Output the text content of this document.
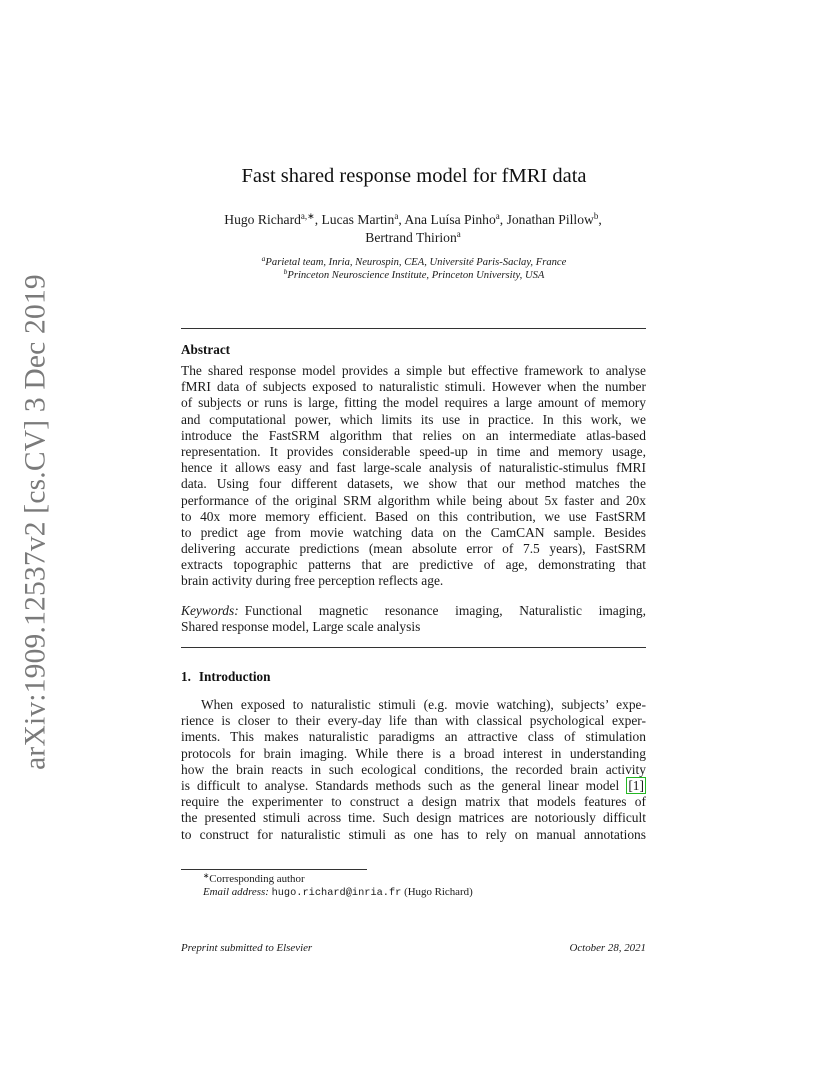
arXiv:1909.12537v2 [cs.CV] 3 Dec 2019
Fast shared response model for fMRI data
Hugo Richard$^{a,∗}$, Lucas Martin$^a$, Ana Luísa Pinho$^a$, Jonathan Pillow$^b$,
Bertrand Thirion$^a$
$^a$Parietal team, Inria, Neurospin, CEA, Université Paris-Saclay, France
$^b$Princeton Neuroscience Institute, Princeton University, USA
Abstract
The shared response model provides a simple but effective framework to analyse
fMRI data of subjects exposed to naturalistic stimuli. However when the number
of subjects or runs is large, fitting the model requires a large amount of memory
and computational power, which limits its use in practice. In this work, we
introduce the FastSRM algorithm that relies on an intermediate atlas-based
representation. It provides considerable speed-up in time and memory usage,
hence it allows easy and fast large-scale analysis of naturalistic-stimulus fMRI
data. Using four different datasets, we show that our method matches the
performance of the original SRM algorithm while being about 5x faster and 20x
to 40x more memory efficient. Based on this contribution, we use FastSRM
to predict age from movie watching data on the CamCAN sample. Besides
delivering accurate predictions (mean absolute error of 7.5 years), FastSRM
extracts topographic patterns that are predictive of age, demonstrating that
brain activity during free perception reflects age.
Keywords: Functional magnetic resonance imaging, Naturalistic imaging,
Shared response model, Large scale analysis
1. Introduction
When exposed to naturalistic stimuli (e.g. movie watching), subjects’ expe-
rience is closer to their every-day life than with classical psychological exper-
iments. This makes naturalistic paradigms an attractive class of stimulation
protocols for brain imaging. While there is a broad interest in understanding
how the brain reacts in such ecological conditions, the recorded brain activity
is difficult to analyse. Standards methods such as the general linear model [1]
require the experimenter to construct a design matrix that models features of
the presented stimuli across time. Such design matrices are notoriously difficult
to construct for naturalistic stimuli as one has to rely on manual annotations
∗Corresponding author
Email address: hugo.richard@inria.fr (Hugo Richard)
Preprint submitted to Elsevier	October 28, 2021
